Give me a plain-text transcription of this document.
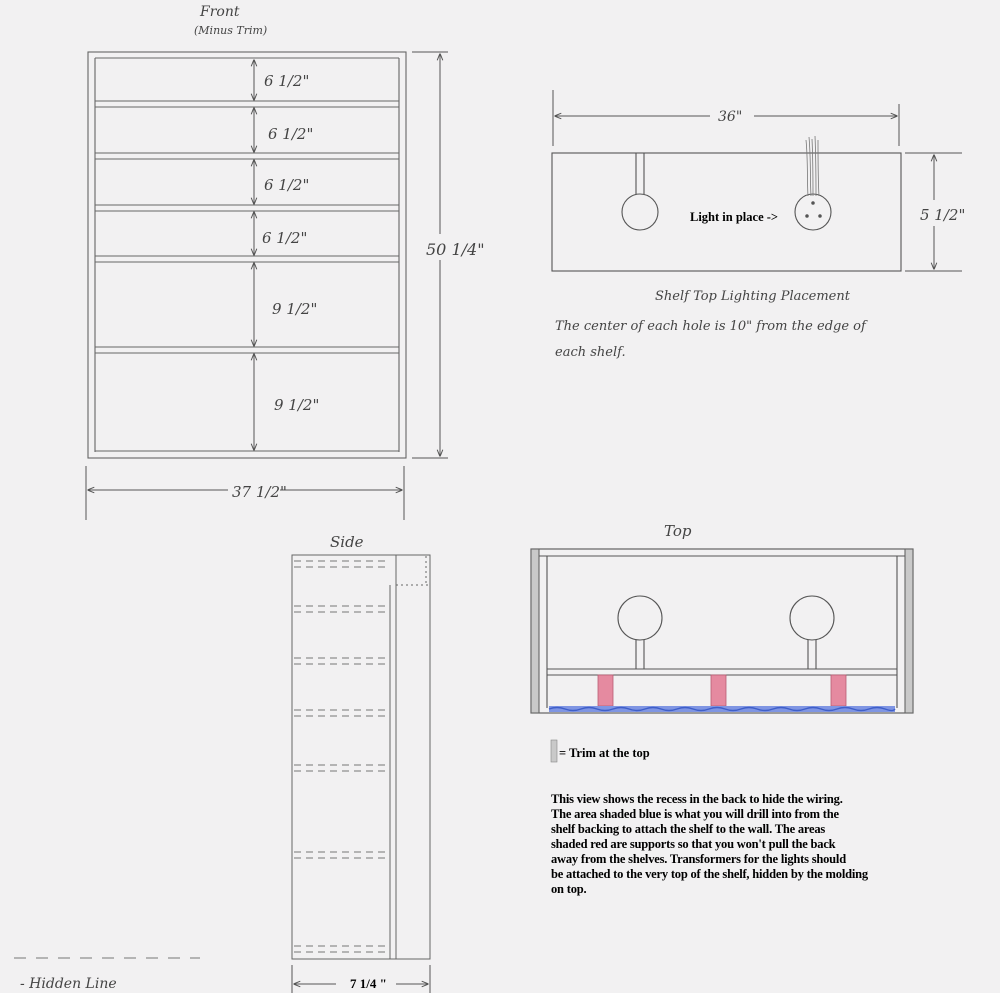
Front
(Minus Trim)
6 1/2"
6 1/2"
6 1/2"
6 1/2"
9 1/2"
9 1/2"
50 1/4"
37 1/2"
36"
Light in place ->	5 1/2"
Shelf Top Lighting Placement
The center of each hole is 10" from the edge of
each shelf.
Side
7 1/4 "
Top
= Trim at the top
- Hidden Line
This view shows the recess in the back to hide the wiring.
The area shaded blue is what you will drill into from the
shelf backing to attach the shelf to the wall. The areas
shaded red are supports so that you won't pull the back
away from the shelves. Transformers for the lights should
be attached to the very top of the shelf, hidden by the molding
on top.
